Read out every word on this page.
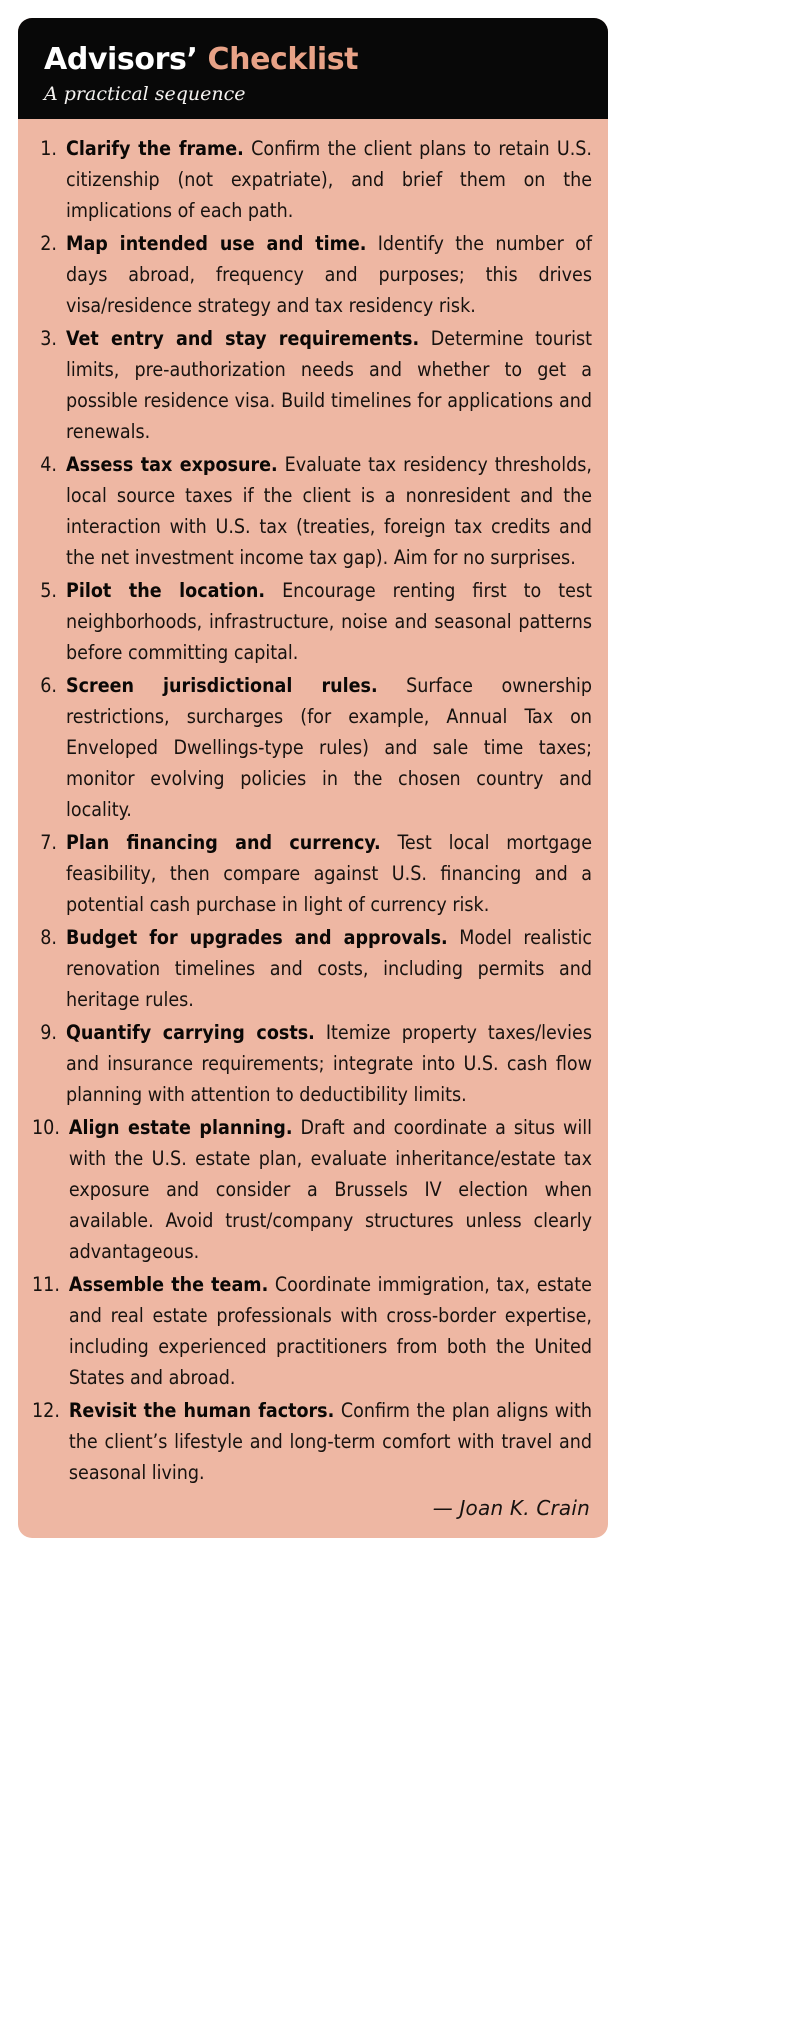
Advisors’ Checklist
A practical sequence
1. Clarify the frame. Confirm the client plans to retain U.S. citizenship (not expatriate), and brief them on the implications of each path.
2. Map intended use and time. Identify the number of days abroad, frequency and purposes; this drives visa/residence strategy and tax residency risk.
3. Vet entry and stay requirements. Determine tourist limits, pre-authorization needs and whether to get a possible residence visa. Build timelines for applications and renewals.
4. Assess tax exposure. Evaluate tax residency thresholds, local source taxes if the client is a nonresident and the interaction with U.S. tax (treaties, foreign tax credits and the net investment income tax gap). Aim for no surprises.
5. Pilot the location. Encourage renting first to test neighborhoods, infrastructure, noise and seasonal patterns before committing capital.
6. Screen jurisdictional rules. Surface ownership restrictions, surcharges (for example, Annual Tax on Enveloped Dwellings-type rules) and sale time taxes; monitor evolving policies in the chosen country and locality.
7. Plan financing and currency. Test local mortgage feasibility, then compare against U.S. financing and a potential cash purchase in light of currency risk.
8. Budget for upgrades and approvals. Model realistic renovation timelines and costs, including permits and heritage rules.
9. Quantify carrying costs. Itemize property taxes/levies and insurance requirements; integrate into U.S. cash flow planning with attention to deductibility limits.
10. Align estate planning. Draft and coordinate a situs will with the U.S. estate plan, evaluate inheritance/estate tax exposure and consider a Brussels IV election when available. Avoid trust/company structures unless clearly advantageous.
11. Assemble the team. Coordinate immigration, tax, estate and real estate professionals with cross-border expertise, including experienced practitioners from both the United States and abroad.
12. Revisit the human factors. Confirm the plan aligns with the client’s lifestyle and long-term comfort with travel and seasonal living.
— Joan K. Crain
